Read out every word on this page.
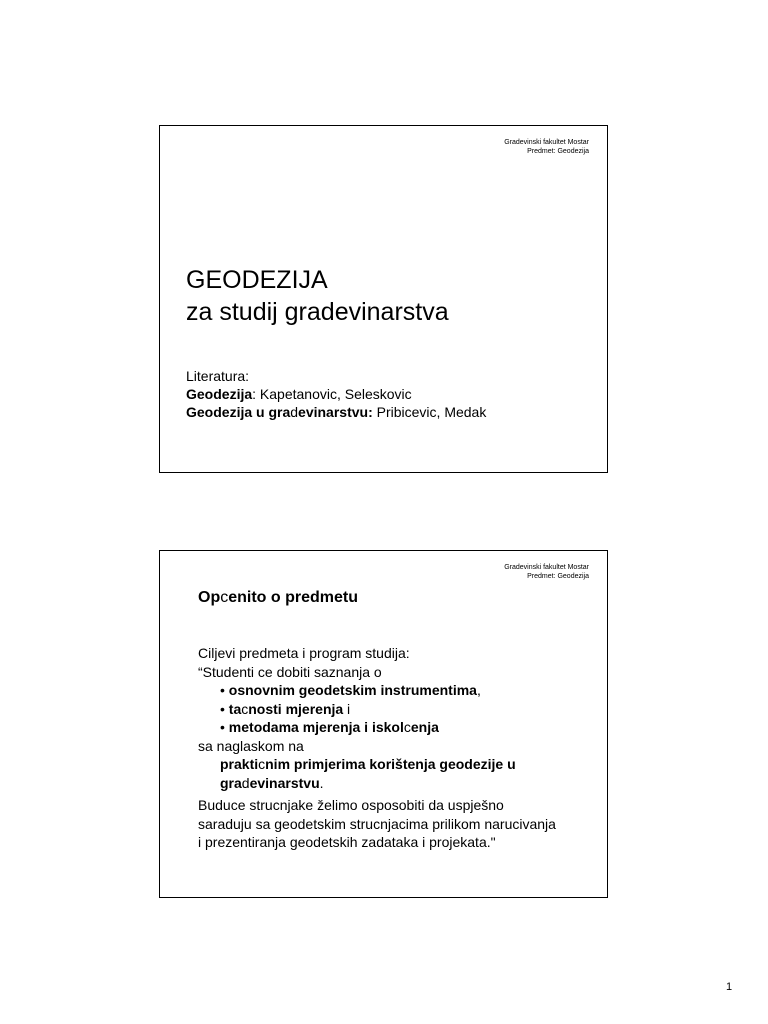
Gradevinski fakultet Mostar
Predmet: Geodezija
GEODEZIJA
za studij gradevinarstva
Literatura:
Geodezija: Kapetanovic, Seleskovic
Geodezija u gradevinarstvu: Pribicevic, Medak
Gradevinski fakultet Mostar
Predmet: Geodezija
Opcenito o predmetu
Ciljevi predmeta i program studija:
“Studenti ce dobiti saznanja o
• osnovnim geodetskim instrumentima,
• tacnosti mjerenja i
• metodama mjerenja i iskolcenja
sa naglaskom na
prakticnim primjerima korištenja geodezije u
gradevinarstvu.
Buduce strucnjake želimo osposobiti da uspješno
saraduju sa geodetskim strucnjacima prilikom narucivanja
i prezentiranja geodetskih zadataka i projekata."
1
